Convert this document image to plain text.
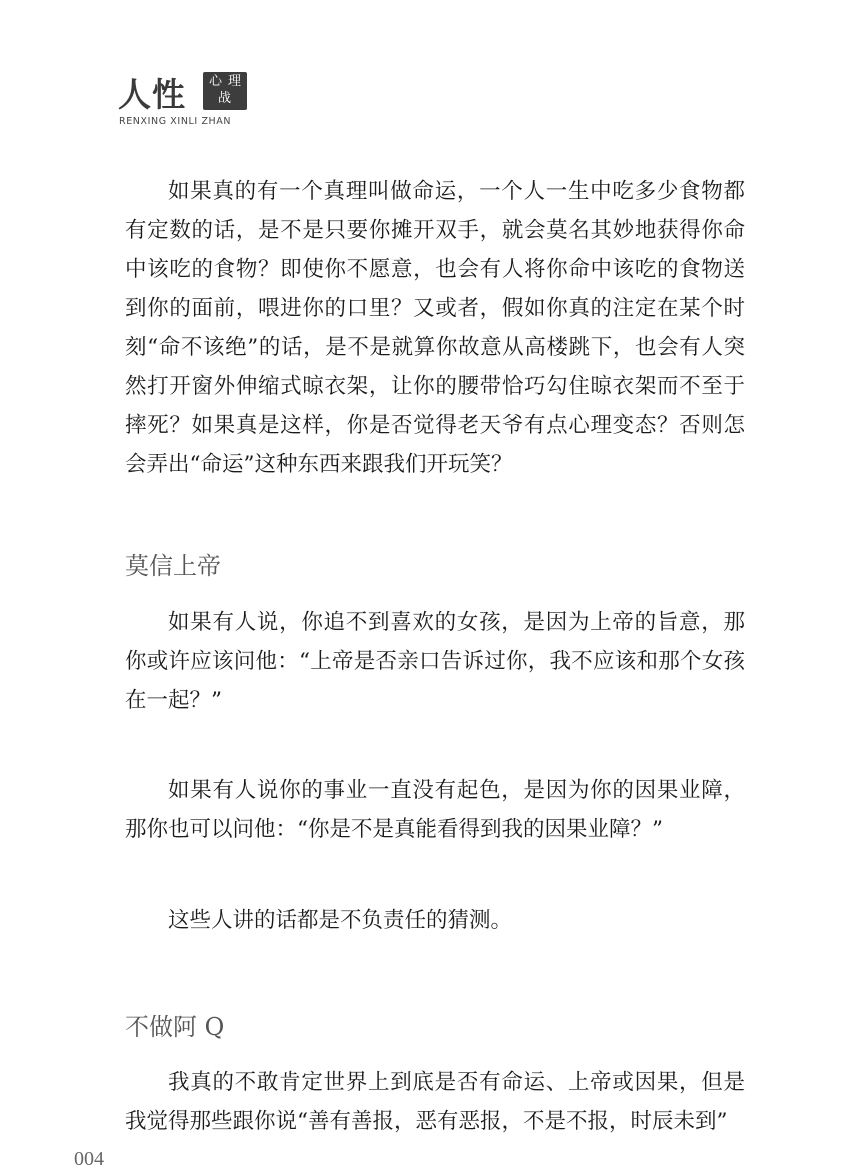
人性 心 理
战
RENXING XINLI ZHAN

如果真的有一个真理叫做命运，一个人一生中吃多少食物都有定数的话，是不是只要你摊开双手，就会莫名其妙地获得你命中该吃的食物？即使你不愿意，也会有人将你命中该吃的食物送到你的面前，喂进你的口里？又或者，假如你真的注定在某个时刻“命不该绝”的话，是不是就算你故意从高楼跳下，也会有人突然打开窗外伸缩式晾衣架，让你的腰带恰巧勾住晾衣架而不至于摔死？如果真是这样，你是否觉得老天爷有点心理变态？否则怎会弄出“命运”这种东西来跟我们开玩笑？

莫信上帝

如果有人说，你追不到喜欢的女孩，是因为上帝的旨意，那你或许应该问他：“上帝是否亲口告诉过你，我不应该和那个女孩在一起？”

如果有人说你的事业一直没有起色，是因为你的因果业障，那你也可以问他：“你是不是真能看得到我的因果业障？”

这些人讲的话都是不负责任的猜测。

不做阿 Q

我真的不敢肯定世界上到底是否有命运、上帝或因果，但是我觉得那些跟你说“善有善报，恶有恶报，不是不报，时辰未到”

004
